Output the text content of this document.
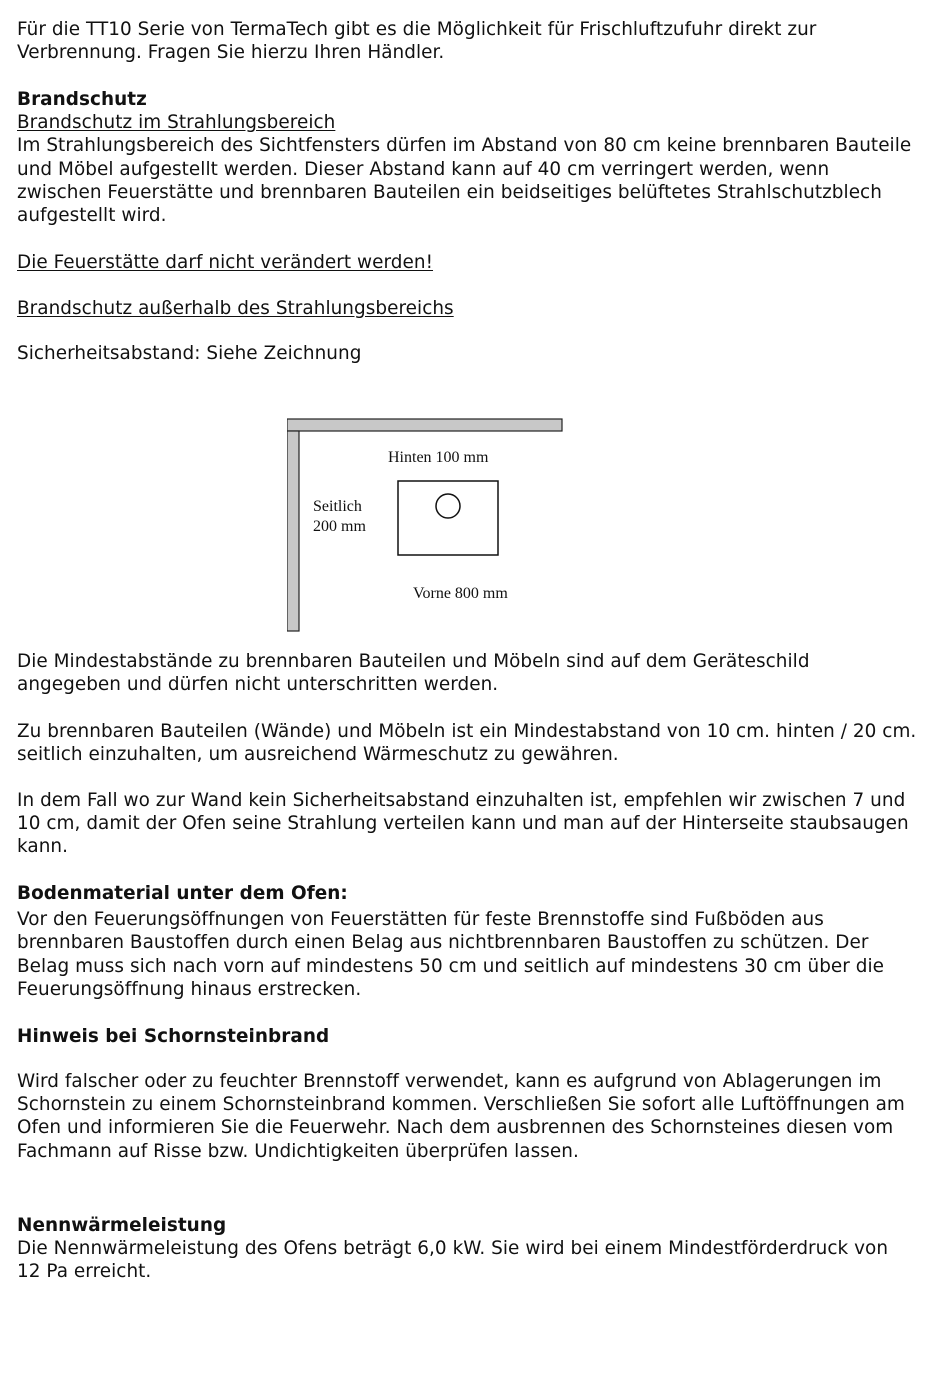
Für die TT10 Serie von TermaTech gibt es die Möglichkeit für Frischluftzufuhr direkt zur Verbrennung. Fragen Sie hierzu Ihren Händler.

Brandschutz

Brandschutz im Strahlungsbereich

Im Strahlungsbereich des Sichtfensters dürfen im Abstand von 80 cm keine brennbaren Bauteile und Möbel aufgestellt werden. Dieser Abstand kann auf 40 cm verringert werden, wenn zwischen Feuerstätte und brennbaren Bauteilen ein beidseitiges belüftetes Strahlschutzblech aufgestellt wird.

Die Feuerstätte darf nicht verändert werden!

Brandschutz außerhalb des Strahlungsbereichs

Sicherheitsabstand: Siehe Zeichnung

Hinten 100 mm
Seitlich
200 mm
Vorne 800 mm

Die Mindestabstände zu brennbaren Bauteilen und Möbeln sind auf dem Geräteschild angegeben und dürfen nicht unterschritten werden.

Zu brennbaren Bauteilen (Wände) und Möbeln ist ein Mindestabstand von 10 cm. hinten / 20 cm. seitlich einzuhalten, um ausreichend Wärmeschutz zu gewähren.

In dem Fall wo zur Wand kein Sicherheitsabstand einzuhalten ist, empfehlen wir zwischen 7 und 10 cm, damit der Ofen seine Strahlung verteilen kann und man auf der Hinterseite staubsaugen kann.

Bodenmaterial unter dem Ofen:

Vor den Feuerungsöffnungen von Feuerstätten für feste Brennstoffe sind Fußböden aus brennbaren Baustoffen durch einen Belag aus nichtbrennbaren Baustoffen zu schützen. Der Belag muss sich nach vorn auf mindestens 50 cm und seitlich auf mindestens 30 cm über die Feuerungsöffnung hinaus erstrecken.

Hinweis bei Schornsteinbrand

Wird falscher oder zu feuchter Brennstoff verwendet, kann es aufgrund von Ablagerungen im Schornstein zu einem Schornsteinbrand kommen. Verschließen Sie sofort alle Luftöffnungen am Ofen und informieren Sie die Feuerwehr. Nach dem ausbrennen des Schornsteines diesen vom Fachmann auf Risse bzw. Undichtigkeiten überprüfen lassen.

Nennwärmeleistung

Die Nennwärmeleistung des Ofens beträgt 6,0 kW. Sie wird bei einem Mindestförderdruck von 12 Pa erreicht.
